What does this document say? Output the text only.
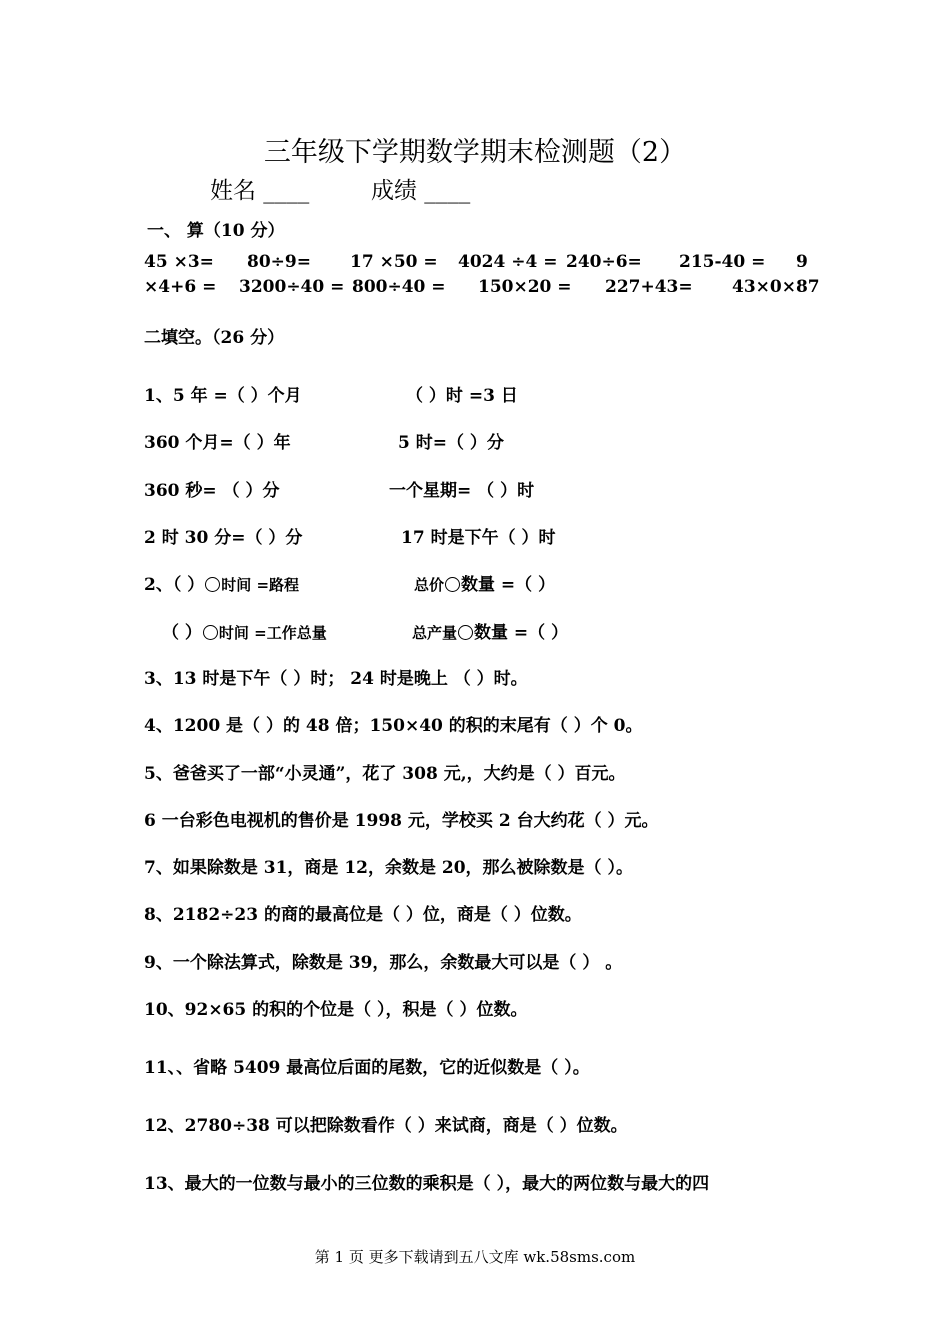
三年级下学期数学期末检测题（2）
姓名 ____	成绩 ____
一、 算（10 分）
45 ×3= 80÷9= 17 ×50 = 4024 ÷4 = 240÷6= 215-40 = 9
×4+6 = 3200÷40 = 800÷40 = 150×20 = 227+43= 43×0×87
二填空。（26 分）
1、5 年 =（ ）个月	（ ）时 =3 日
360 个月=（ ）年	5 时=（ ）分
360 秒= （ ）分	一个星期= （ ）时
2 时 30 分=（ ）分	17 时是下午（ ）时
2、（ ） 时间 =路程	总价 数量 =（ ）
（ ） 时间 =工作总量	总产量 数量 =（ ）
3、13 时是下午（ ）时； 24 时是晚上 （ ）时。
4、1200 是（ ）的 48 倍；150×40 的积的末尾有（ ）个 0。
5、爸爸买了一部“小灵通”，花了 308 元,，大约是（ ）百元。
6 一台彩色电视机的售价是 1998 元，学校买 2 台大约花（ ）元。
7、如果除数是 31，商是 12，余数是 20，那么被除数是（ ）。
8、2182÷23 的商的最高位是（ ）位，商是（ ）位数。
9、一个除法算式，除数是 39，那么，余数最大可以是（ ） 。
10、92×65 的积的个位是（ ），积是（ ）位数。
11、、省略 5409 最高位后面的尾数，它的近似数是（ ）。
12、2780÷38 可以把除数看作（ ）来试商，商是（ ）位数。
13、最大的一位数与最小的三位数的乘积是（ ），最大的两位数与最大的四
第 1 页 更多下载请到五八文库 wk.58sms.com
